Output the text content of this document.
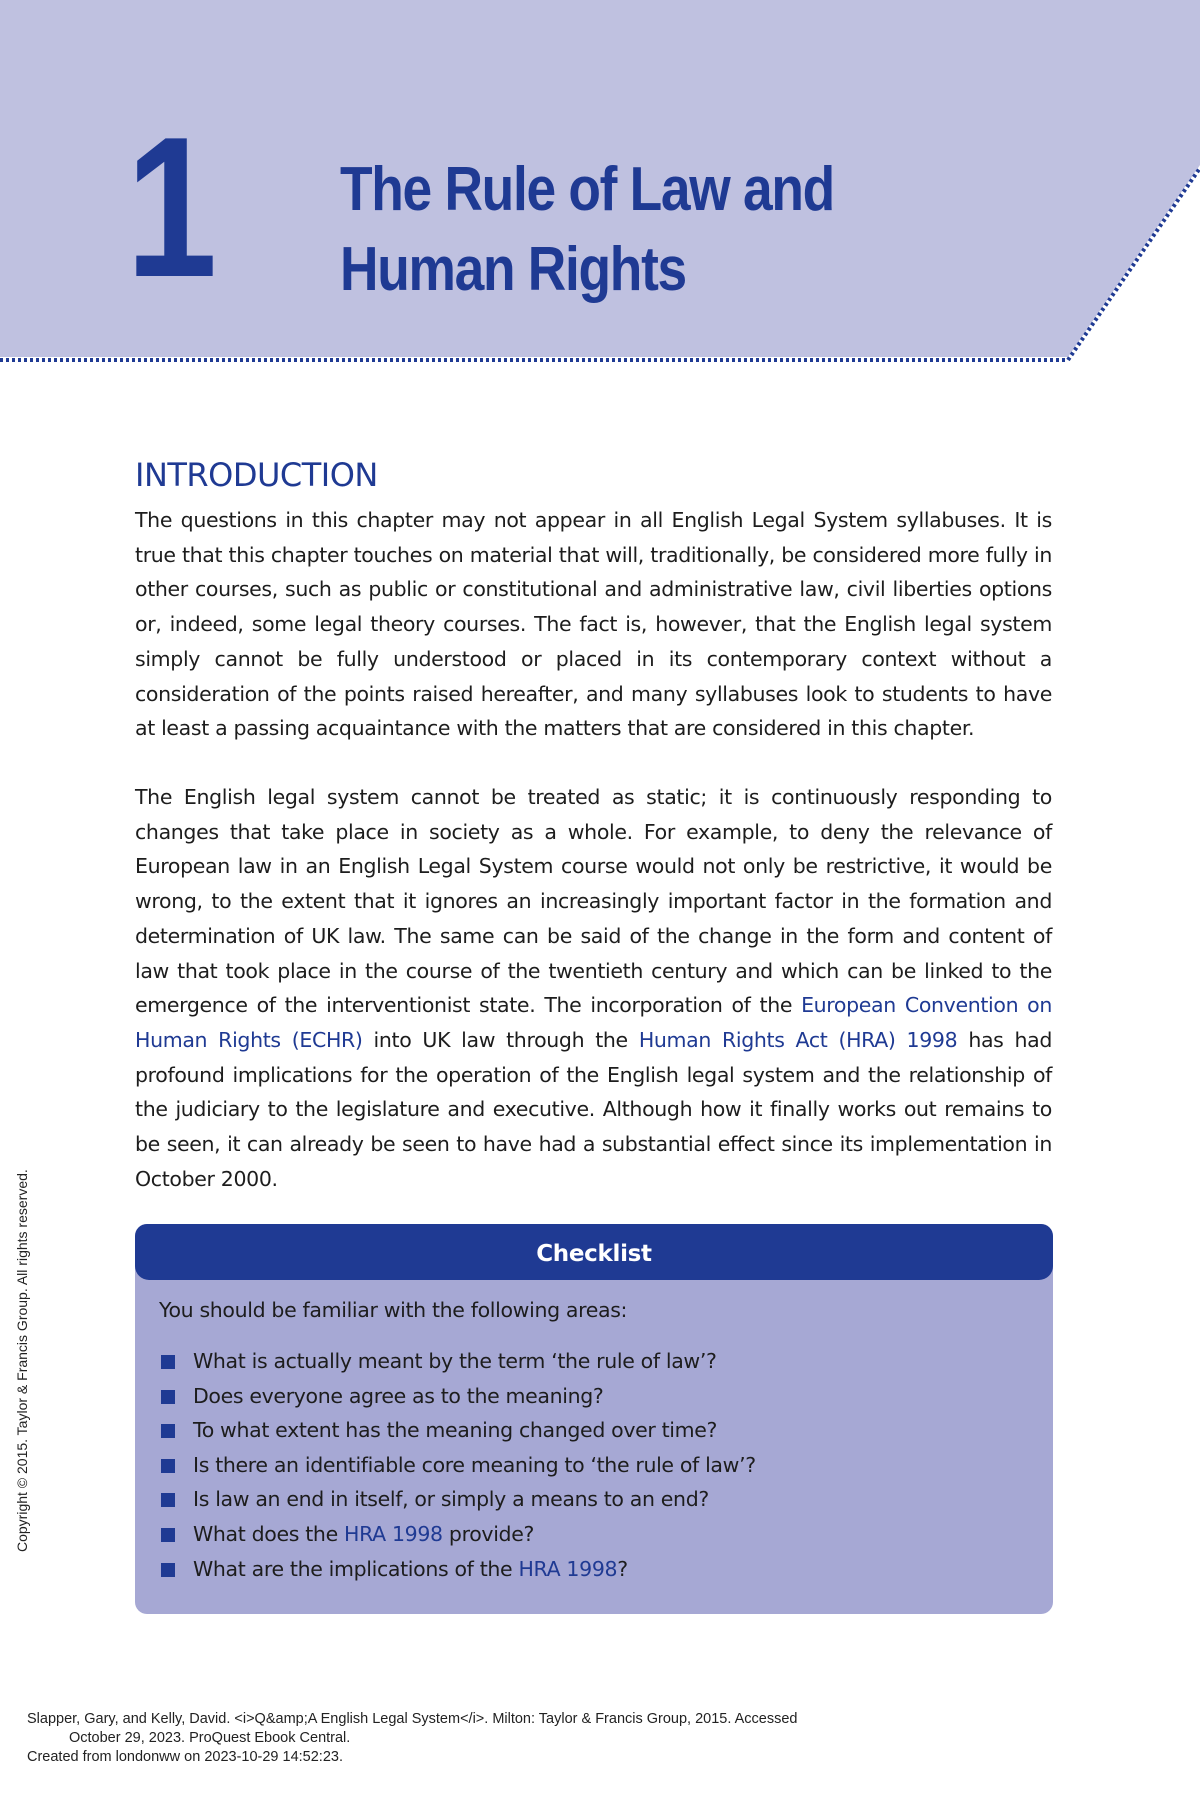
1 The Rule of Law and Human Rights
INTRODUCTION

The questions in this chapter may not appear in all English Legal System syllabuses. It is true that this chapter touches on material that will, traditionally, be considered more fully in other courses, such as public or constitutional and administrative law, civil liberties options or, indeed, some legal theory courses. The fact is, however, that the English legal system simply cannot be fully understood or placed in its contemporary context without a consideration of the points raised hereafter, and many syllabuses look to students to have at least a passing acquaintance with the matters that are considered in this chapter.

The English legal system cannot be treated as static; it is continuously responding to changes that take place in society as a whole. For example, to deny the relevance of European law in an English Legal System course would not only be restrictive, it would be wrong, to the extent that it ignores an increasingly important factor in the formation and determination of UK law. The same can be said of the change in the form and content of law that took place in the course of the twentieth century and which can be linked to the emergence of the interventionist state. The incorporation of the European Convention on Human Rights (ECHR) into UK law through the Human Rights Act (HRA) 1998 has had profound implications for the operation of the English legal system and the relationship of the judiciary to the legislature and executive. Although how it finally works out remains to be seen, it can already be seen to have had a substantial effect since its implementation in October 2000.

Checklist
You should be familiar with the following areas:
What is actually meant by the term ‘the rule of law’?
Does everyone agree as to the meaning?
To what extent has the meaning changed over time?
Is there an identifiable core meaning to ‘the rule of law’?
Is law an end in itself, or simply a means to an end?
What does the HRA 1998 provide?
What are the implications of the HRA 1998?
Copyright © 2015. Taylor & Francis Group. All rights reserved.
Slapper, Gary, and Kelly, David. <i>Q&amp;A English Legal System</i>. Milton: Taylor & Francis Group, 2015. Accessed
October 29, 2023. ProQuest Ebook Central.
Created from londonww on 2023-10-29 14:52:23.
